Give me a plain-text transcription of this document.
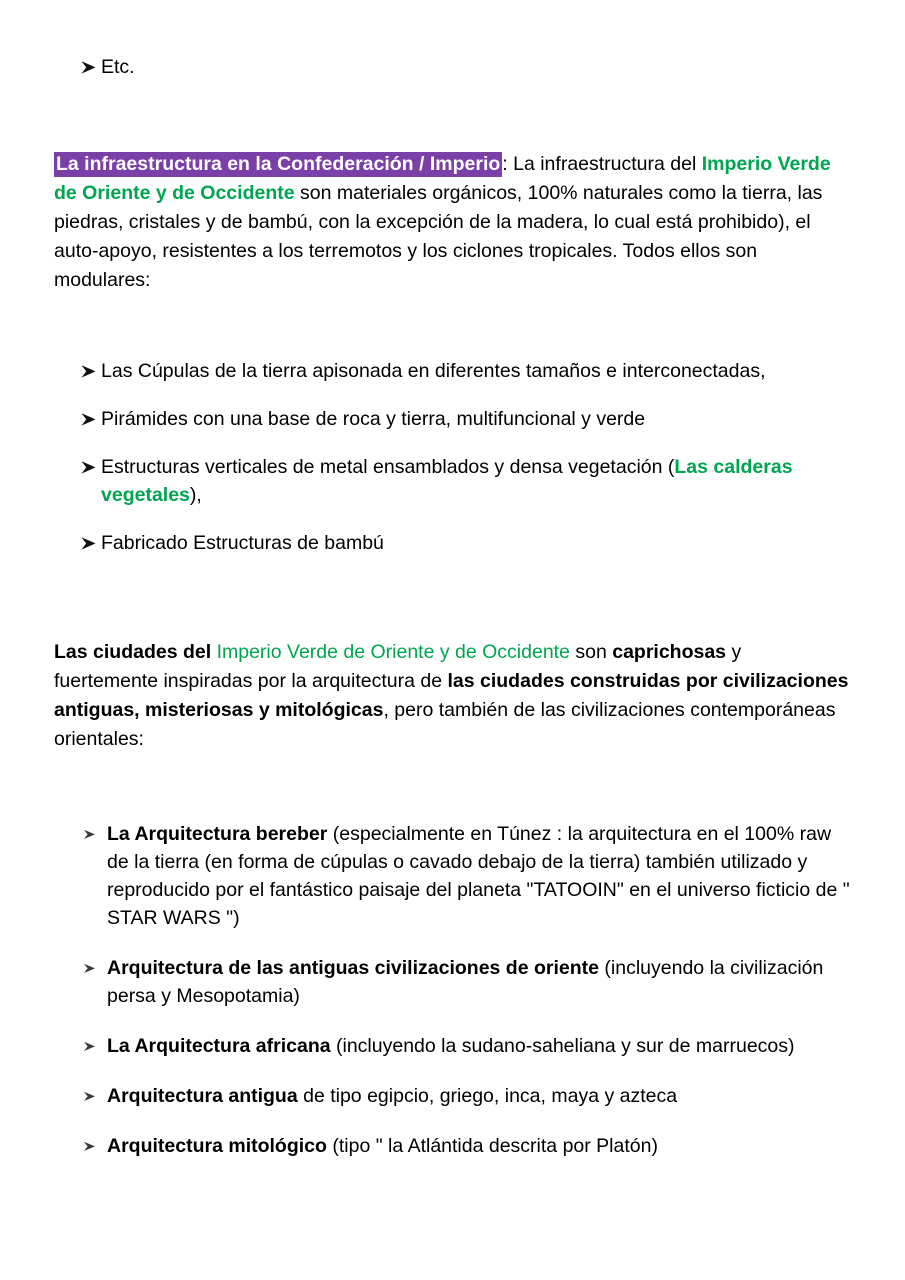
Etc.

La infraestructura en la Confederación / Imperio : La infraestructura del Imperio Verde de Oriente y de Occidente son materiales orgánicos, 100% naturales como la tierra, las piedras, cristales y de bambú, con la excepción de la madera, lo cual está prohibido), el auto-apoyo, resistentes a los terremotos y los ciclones tropicales. Todos ellos son modulares:

Las Cúpulas de la tierra apisonada en diferentes tamaños e interconectadas,
Pirámides con una base de roca y tierra, multifuncional y verde
Estructuras verticales de metal ensamblados y densa vegetación (Las calderas vegetales),
Fabricado Estructuras de bambú

Las ciudades del Imperio Verde de Oriente y de Occidente son caprichosas y fuertemente inspiradas por la arquitectura de las ciudades construidas por civilizaciones antiguas, misteriosas y mitológicas, pero también de las civilizaciones contemporáneas orientales:

La Arquitectura bereber (especialmente en Túnez : la arquitectura en el 100% raw de la tierra (en forma de cúpulas o cavado debajo de la tierra) también utilizado y reproducido por el fantástico paisaje del planeta "TATOOIN" en el universo ficticio de " STAR WARS ")
Arquitectura de las antiguas civilizaciones de oriente (incluyendo la civilización persa y Mesopotamia)
La Arquitectura africana (incluyendo la sudano-saheliana y sur de marruecos)
Arquitectura antigua de tipo egipcio, griego, inca, maya y azteca
Arquitectura mitológico (tipo " la Atlántida descrita por Platón)
